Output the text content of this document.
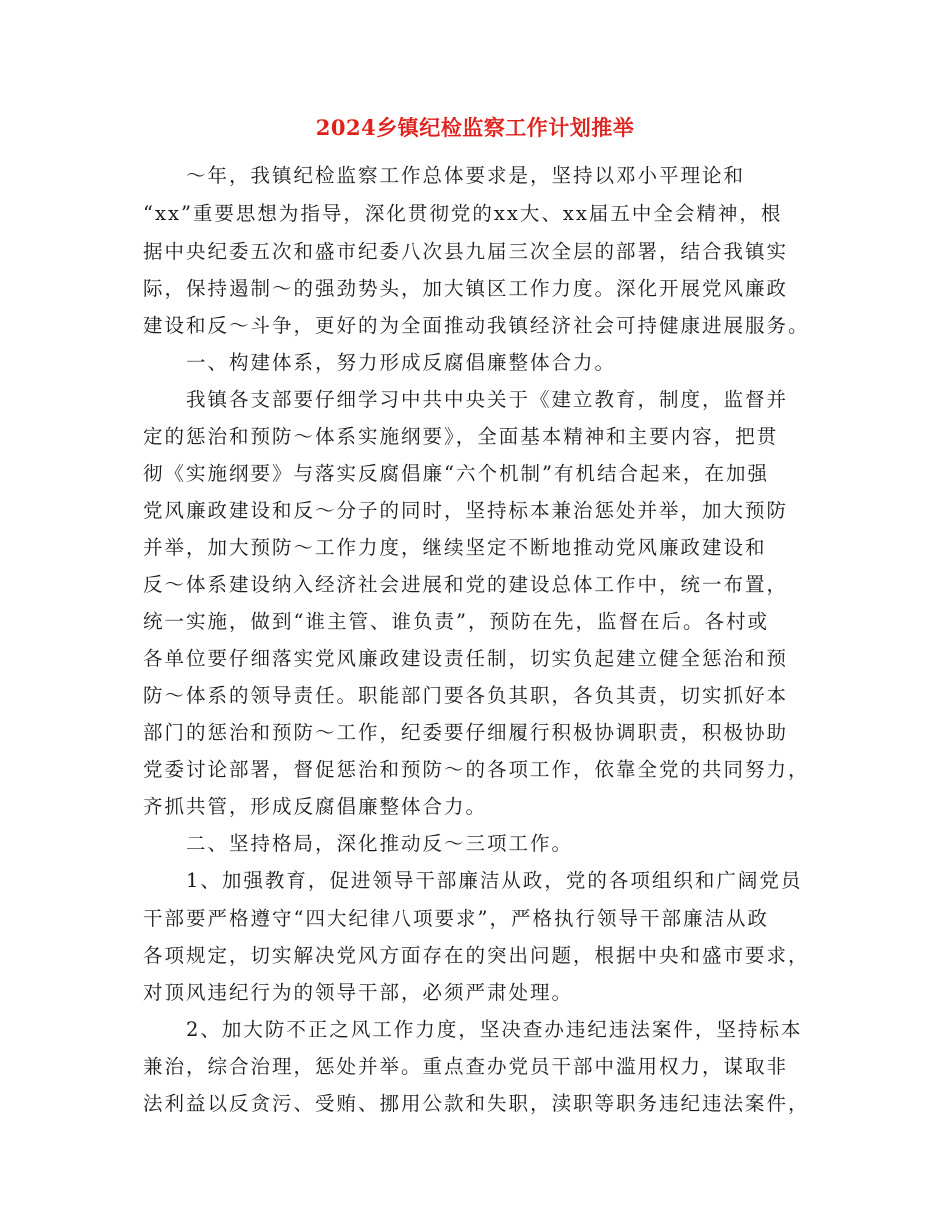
2024乡镇纪检监察工作计划推举
～年，我镇纪检监察工作总体要求是，坚持以邓小平理论和
“xx”重要思想为指导，深化贯彻党的xx大、xx届五中全会精神，根
据中央纪委五次和盛市纪委八次县九届三次全层的部署，结合我镇实
际，保持遏制～的强劲势头，加大镇区工作力度。深化开展党风廉政
建设和反～斗争，更好的为全面推动我镇经济社会可持健康进展服务。
一、构建体系，努力形成反腐倡廉整体合力。
我镇各支部要仔细学习中共中央关于《建立教育，制度，监督并
定的惩治和预防～体系实施纲要》，全面基本精神和主要内容，把贯
彻《实施纲要》与落实反腐倡廉“六个机制”有机结合起来，在加强
党风廉政建设和反～分子的同时，坚持标本兼治惩处并举，加大预防
并举，加大预防～工作力度，继续坚定不断地推动党风廉政建设和
反～体系建设纳入经济社会进展和党的建设总体工作中，统一布置，
统一实施，做到“谁主管、谁负责”，预防在先，监督在后。各村或
各单位要仔细落实党风廉政建设责任制，切实负起建立健全惩治和预
防～体系的领导责任。职能部门要各负其职，各负其责，切实抓好本
部门的惩治和预防～工作，纪委要仔细履行积极协调职责，积极协助
党委讨论部署，督促惩治和预防～的各项工作，依靠全党的共同努力，
齐抓共管，形成反腐倡廉整体合力。
二、坚持格局，深化推动反～三项工作。
1、加强教育，促进领导干部廉洁从政，党的各项组织和广阔党员
干部要严格遵守“四大纪律八项要求”，严格执行领导干部廉洁从政
各项规定，切实解决党风方面存在的突出问题，根据中央和盛市要求，
对顶风违纪行为的领导干部，必须严肃处理。
2、加大防不正之风工作力度，坚决查办违纪违法案件，坚持标本
兼治，综合治理，惩处并举。重点查办党员干部中滥用权力，谋取非
法利益以反贪污、受贿、挪用公款和失职，渎职等职务违纪违法案件，
